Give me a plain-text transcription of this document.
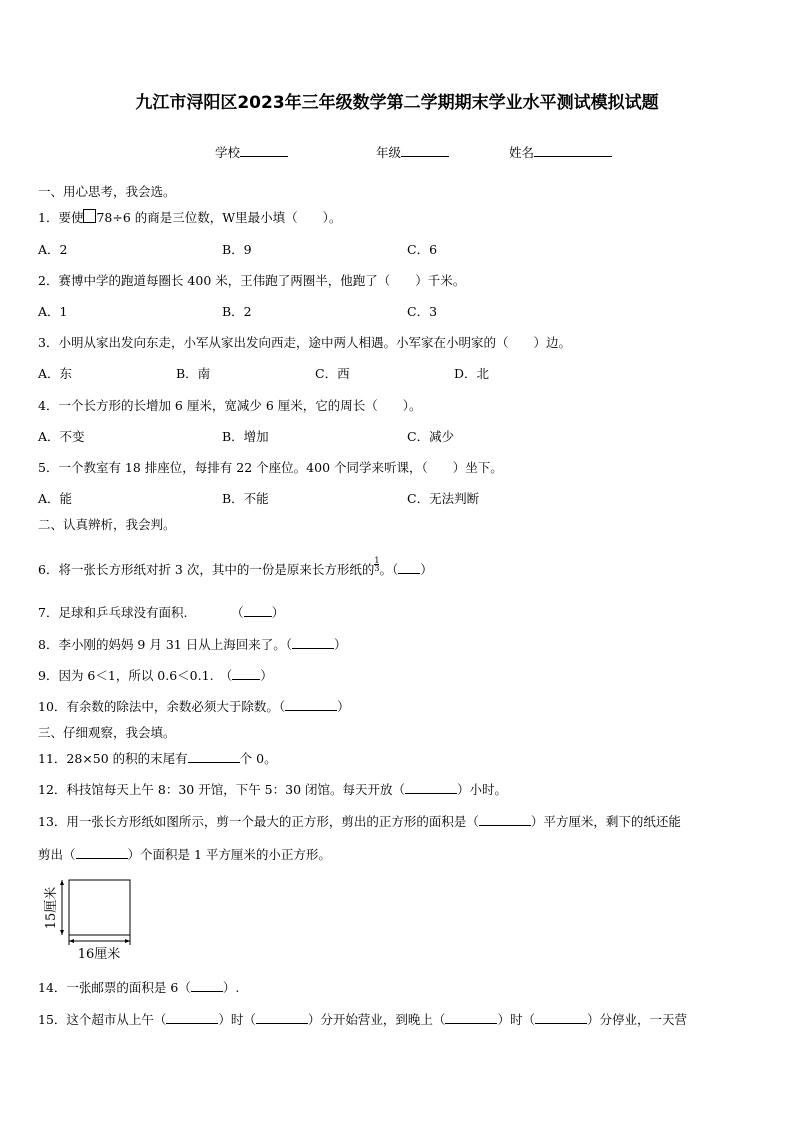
九江市浔阳区2023年三年级数学第二学期期末学业水平测试模拟试题
学校	年级	姓名
一、用心思考，我会选。
1．要使 78÷6 的商是三位数，W里最小填（　　）。
A．2	B．9	C．6
2．赛博中学的跑道每圈长 400 米，王伟跑了两圈半，他跑了（　　）千米。
A．1	B．2	C．3
3．小明从家出发向东走，小军从家出发向西走，途中两人相遇。小军家在小明家的（　　）边。
A．东	B．南	C．西	D．北
4．一个长方形的长增加 6 厘米，宽减少 6 厘米，它的周长（　　）。
A．不变	B．增加	C．减少
5．一个教室有 18 排座位，每排有 22 个座位。400 个同学来听课，（　　）坐下。
A．能	B．不能	C．无法判断
二、认真辨析，我会判。
6．将一张长方形纸对折 3 次，其中的一份是原来长方形纸的 $\frac{1}{3}$ 。（ ）
7．足球和乒乓球没有面积.　　　　（ ）
8．李小刚的妈妈 9 月 31 日从上海回来了。（	）
9．因为 6＜1，所以 0.6＜0.1.　（ ）
10．有余数的除法中，余数必须大于除数。（	）
三、仔细观察，我会填。
11．28×50 的积的末尾有	个 0。
12．科技馆每天上午 8：30 开馆，下午 5：30 闭馆。每天开放（	）小时。
13．用一张长方形纸如图所示，剪一个最大的正方形，剪出的正方形的面积是（	）平方厘米，剩下的纸还能
剪出（	）个面积是 1 平方厘米的小正方形。
15厘米
16厘米
14．一张邮票的面积是 6（	）.
15．这个超市从上午（	）时（	）分开始营业，到晚上（	）时（	）分停业，一天营
